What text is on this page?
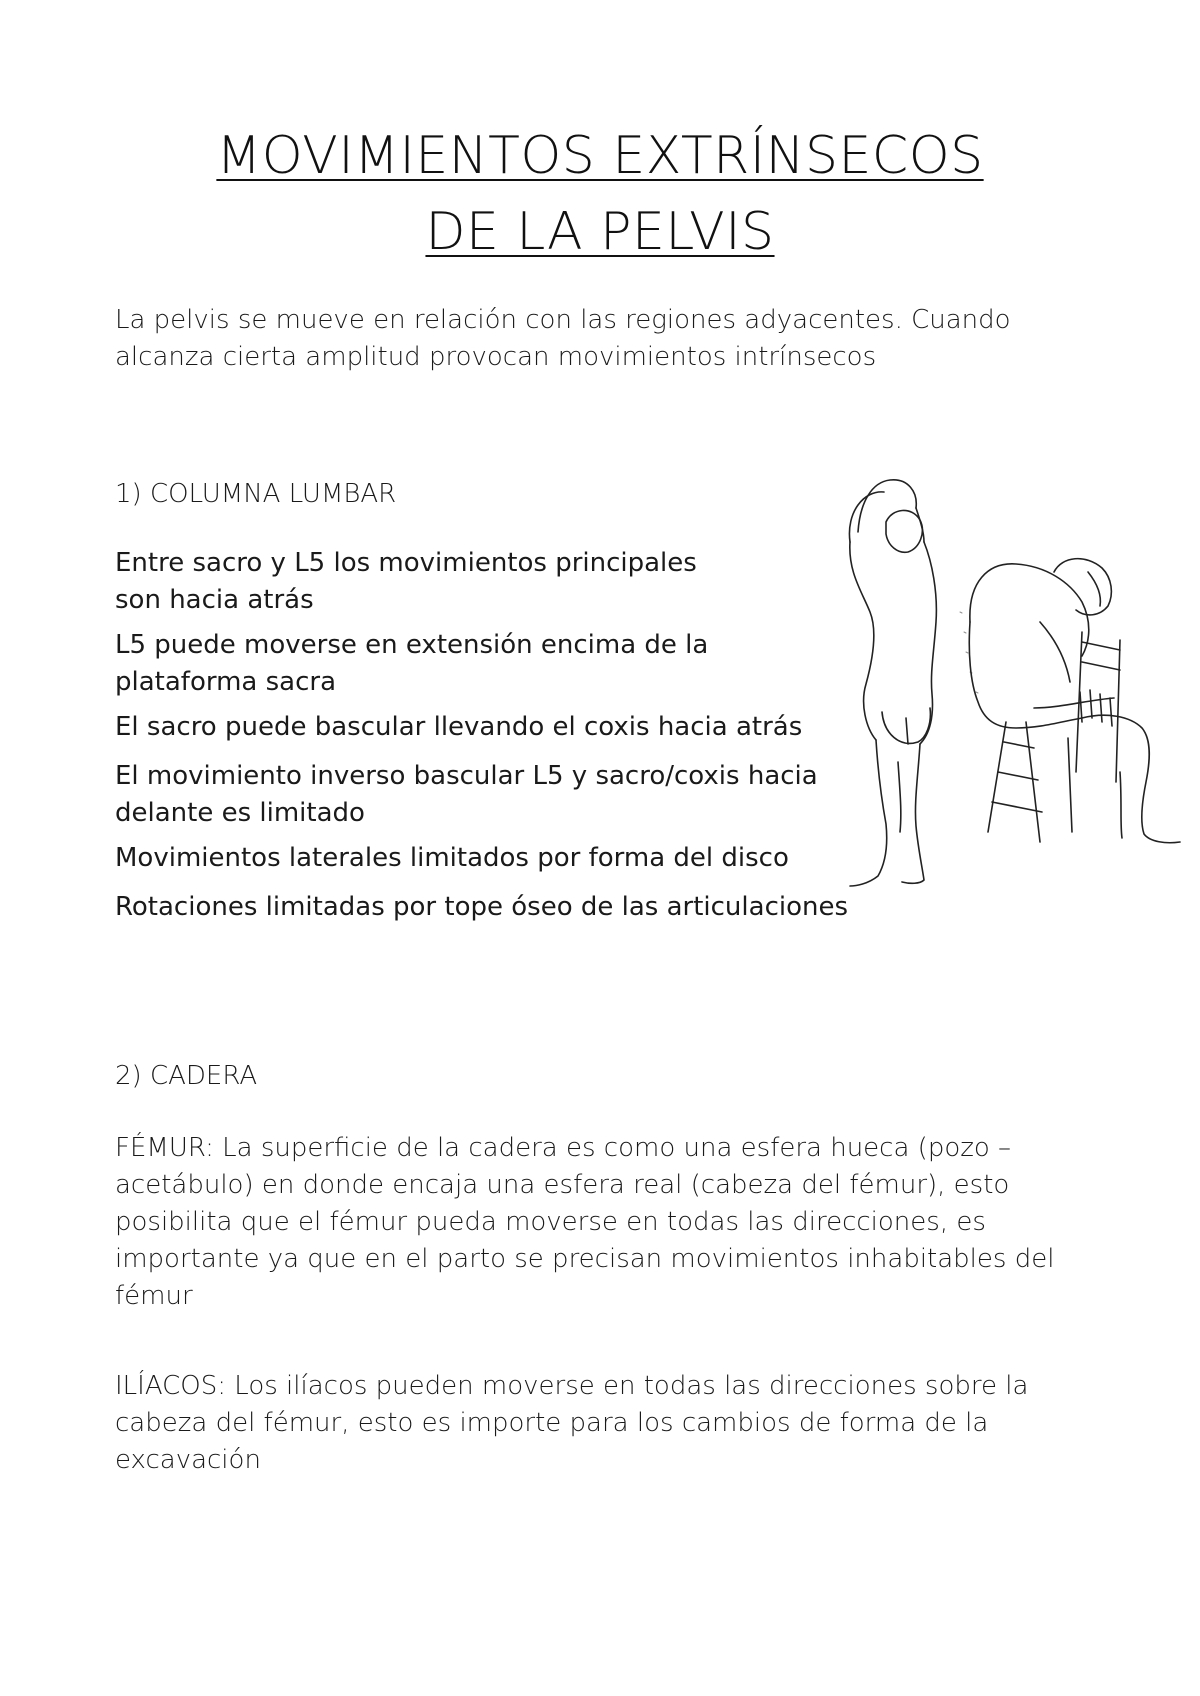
MOVIMIENTOS EXTRÍNSECOS
DE LA PELVIS
La pelvis se mueve en relación con las regiones adyacentes. Cuando alcanza cierta amplitud provocan movimientos intrínsecos
1) COLUMNA LUMBAR
Entre sacro y L5 los movimientos principales
son hacia atrás
L5 puede moverse en extensión encima de la
plataforma sacra
El sacro puede bascular llevando el coxis hacia atrás
El movimiento inverso bascular L5 y sacro/coxis hacia
delante es limitado
Movimientos laterales limitados por forma del disco
Rotaciones limitadas por tope óseo de las articulaciones
2) CADERA
FÉMUR: La superficie de la cadera es como una esfera hueca (pozo – acetábulo) en donde encaja una esfera real (cabeza del fémur), esto posibilita que el fémur pueda moverse en todas las direcciones, es importante ya que en el parto se precisan movimientos inhabitables del fémur
ILÍACOS: Los ilíacos pueden moverse en todas las direcciones sobre la cabeza del fémur, esto es importe para los cambios de forma de la excavación
